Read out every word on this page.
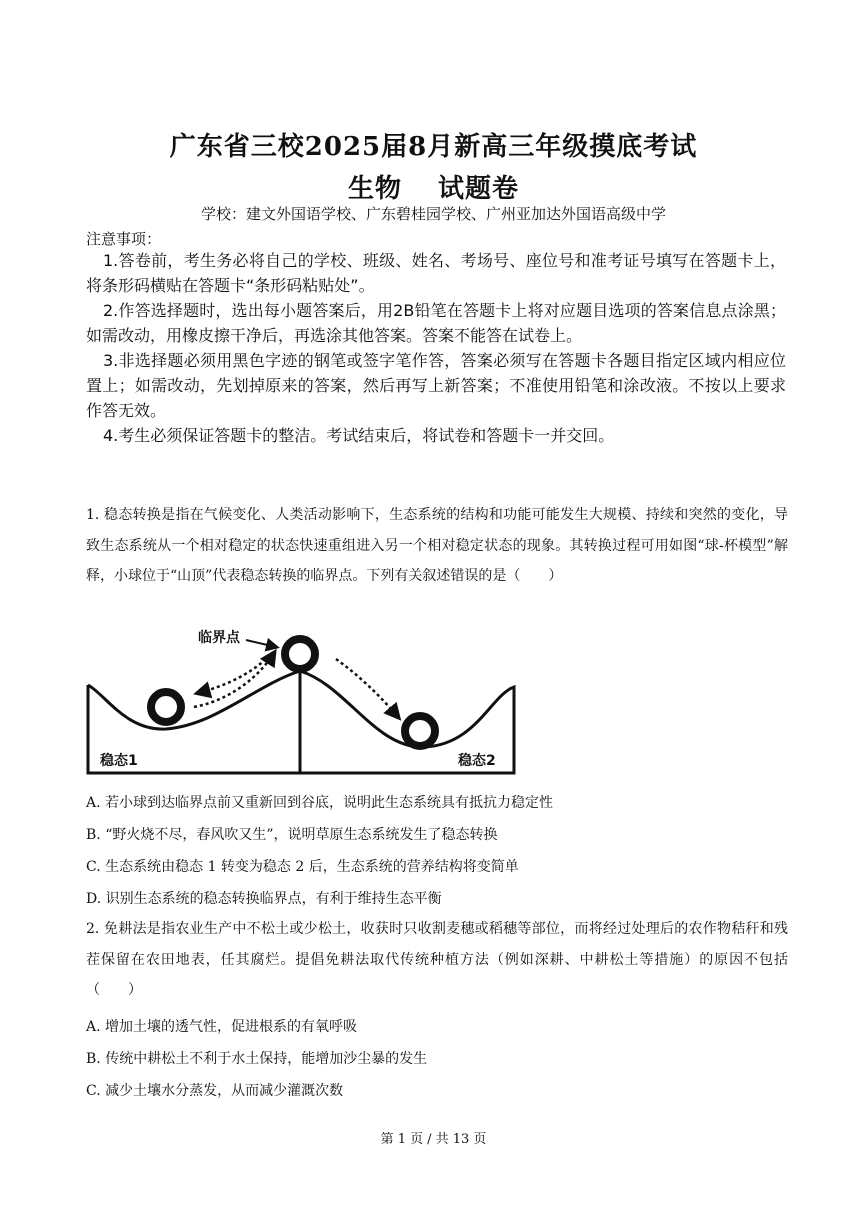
广东省三校2025届8月新高三年级摸底考试
生物 试题卷
学校：建文外国语学校、广东碧桂园学校、广州亚加达外国语高级中学
注意事项：

1.答卷前，考生务必将自己的学校、班级、姓名、考场号、座位号和准考证号填写在答题卡上，将条形码横贴在答题卡“条形码粘贴处”。

2.作答选择题时，选出每小题答案后，用2B铅笔在答题卡上将对应题目选项的答案信息点涂黑；如需改动，用橡皮擦干净后，再选涂其他答案。答案不能答在试卷上。

3.非选择题必须用黑色字迹的钢笔或签字笔作答，答案必须写在答题卡各题目指定区域内相应位置上；如需改动，先划掉原来的答案，然后再写上新答案；不准使用铅笔和涂改液。不按以上要求作答无效。

4.考生必须保证答题卡的整洁。考试结束后，将试卷和答题卡一并交回。

1. 稳态转换是指在气候变化、人类活动影响下，生态系统的结构和功能可能发生大规模、持续和突然的变化，导致生态系统从一个相对稳定的状态快速重组进入另一个相对稳定状态的现象。其转换过程可用如图“球-杯模型”解释，小球位于“山顶”代表稳态转换的临界点。下列有关叙述错误的是（　　）
临界点
稳态1	稳态2
A. 若小球到达临界点前又重新回到谷底，说明此生态系统具有抵抗力稳定性
B. “野火烧不尽，春风吹又生”，说明草原生态系统发生了稳态转换
C. 生态系统由稳态 1 转变为稳态 2 后，生态系统的营养结构将变简单
D. 识别生态系统的稳态转换临界点，有利于维持生态平衡
2. 免耕法是指农业生产中不松土或少松土，收获时只收割麦穗或稻穗等部位，而将经过处理后的农作物秸秆和残茬保留在农田地表，任其腐烂。提倡免耕法取代传统种植方法（例如深耕、中耕松土等措施）的原因不包括（　　）
A. 增加土壤的透气性，促进根系的有氧呼吸
B. 传统中耕松土不利于水土保持，能增加沙尘暴的发生
C. 减少土壤水分蒸发，从而减少灌溉次数
第 1 页 / 共 13 页
